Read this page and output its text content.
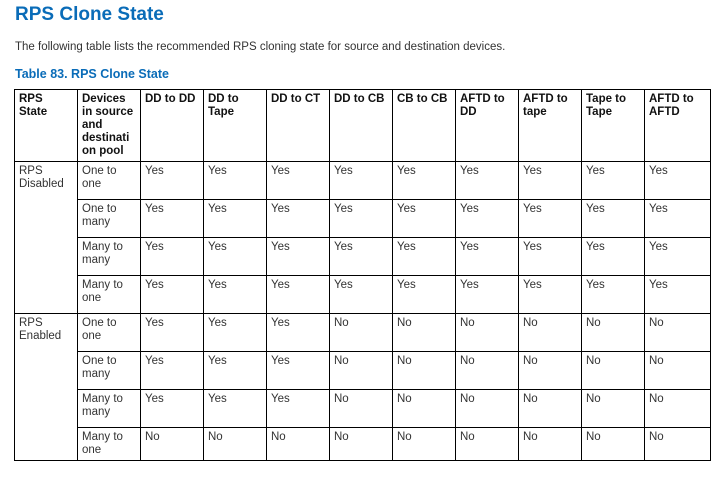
RPS Clone State

The following table lists the recommended RPS cloning state for source and destination devices.

Table 83. RPS Clone State

RPS State	Devices in source and destinati on pool	DD to DD	DD to Tape	DD to CT	DD to CB	CB to CB	AFTD to DD	AFTD to tape	Tape to Tape	AFTD to AFTD
RPS Disabled	One to one	Yes	Yes	Yes	Yes	Yes	Yes	Yes	Yes	Yes
	One to many	Yes	Yes	Yes	Yes	Yes	Yes	Yes	Yes	Yes
	Many to many	Yes	Yes	Yes	Yes	Yes	Yes	Yes	Yes	Yes
	Many to one	Yes	Yes	Yes	Yes	Yes	Yes	Yes	Yes	Yes
RPS Enabled	One to one	Yes	Yes	Yes	No	No	No	No	No	No
	One to many	Yes	Yes	Yes	No	No	No	No	No	No
	Many to many	Yes	Yes	Yes	No	No	No	No	No	No
	Many to one	No	No	No	No	No	No	No	No	No
